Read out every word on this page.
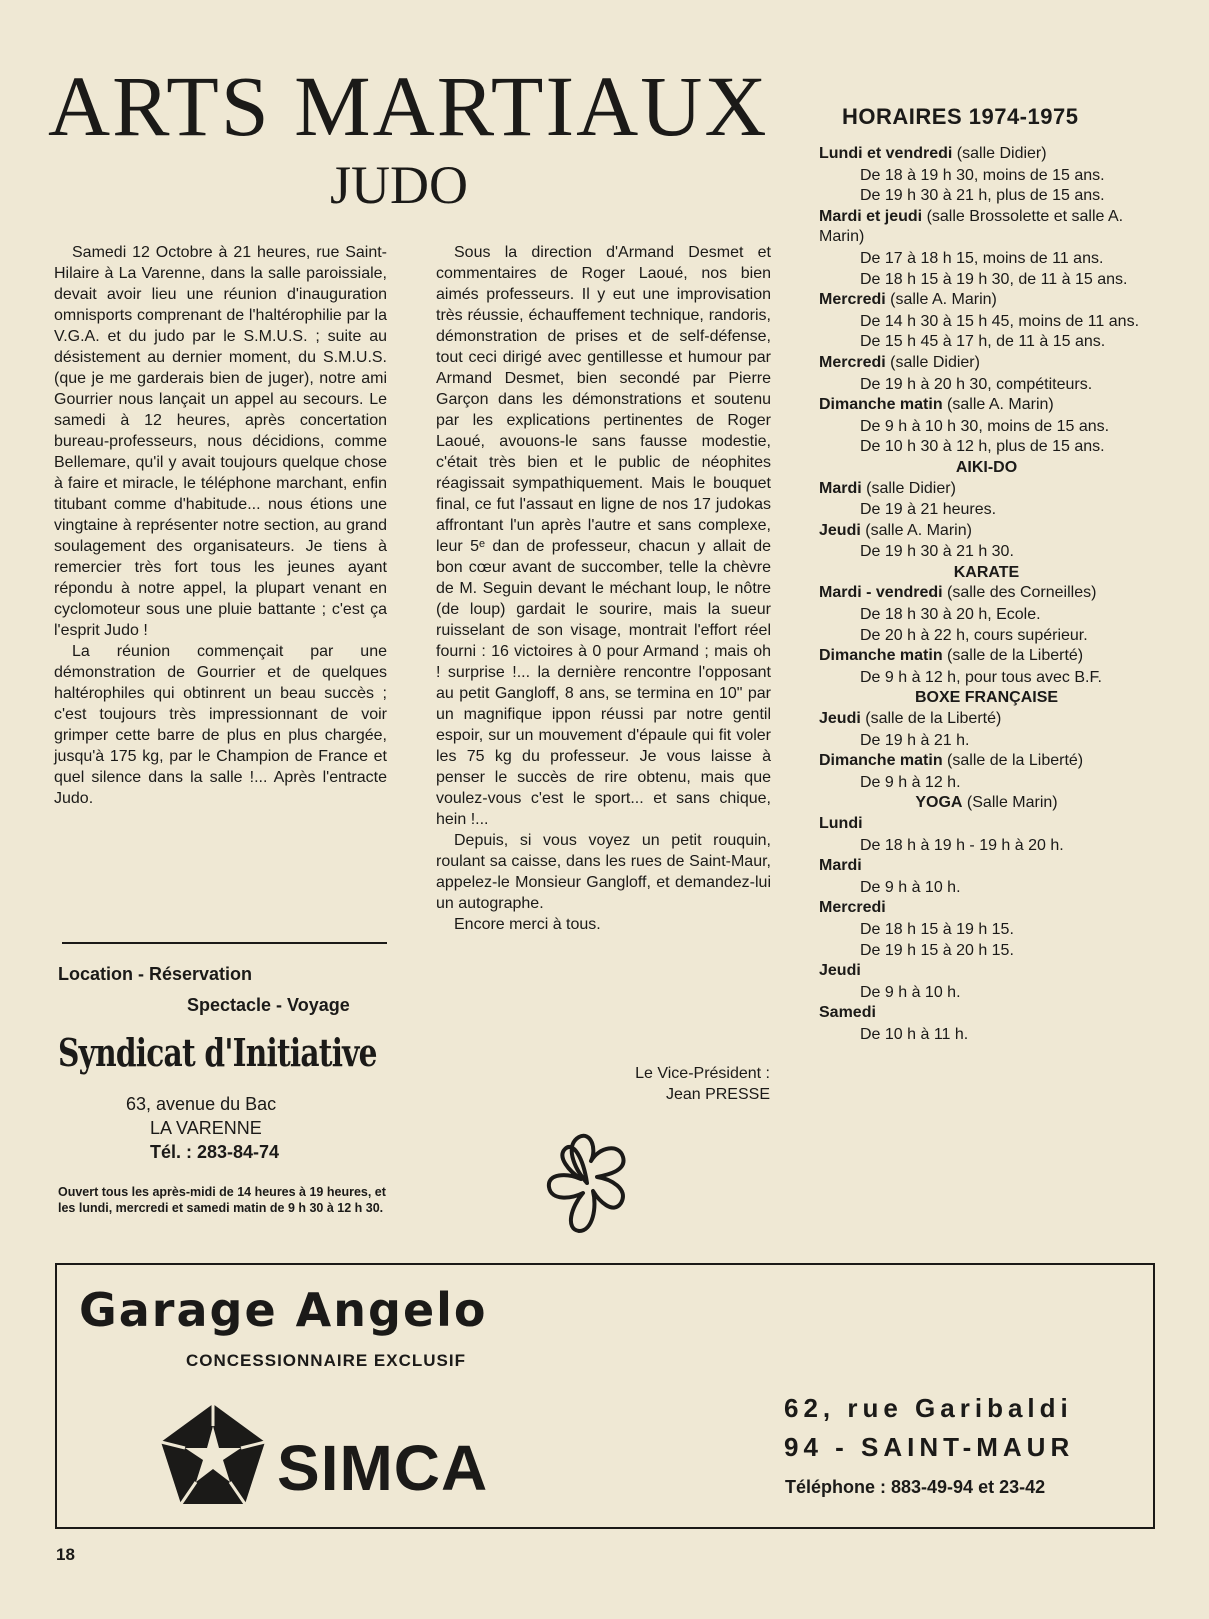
ARTS MARTIAUX
JUDO

Samedi 12 Octobre à 21 heures, rue Saint-Hilaire à La Varenne, dans la salle paroissiale, devait avoir lieu une réunion d'inauguration omnisports comprenant de l'haltérophilie par la V.G.A. et du judo par le S.M.U.S. ; suite au désistement au dernier moment, du S.M.U.S. (que je me garderais bien de juger), notre ami Gourrier nous lançait un appel au secours. Le samedi à 12 heures, après concertation bureau-professeurs, nous décidions, comme Bellemare, qu'il y avait toujours quelque chose à faire et miracle, le téléphone marchant, enfin titubant comme d'habitude... nous étions une vingtaine à représenter notre section, au grand soulagement des organisateurs. Je tiens à remercier très fort tous les jeunes ayant répondu à notre appel, la plupart venant en cyclomoteur sous une pluie battante ; c'est ça l'esprit Judo !

La réunion commençait par une démonstration de Gourrier et de quelques haltérophiles qui obtinrent un beau succès ; c'est toujours très impressionnant de voir grimper cette barre de plus en plus chargée, jusqu'à 175 kg, par le Champion de France et quel silence dans la salle !... Après l'entracte Judo.

Sous la direction d'Armand Desmet et commentaires de Roger Laoué, nos bien aimés professeurs. Il y eut une improvisation très réussie, échauffement technique, randoris, démonstration de prises et de self-défense, tout ceci dirigé avec gentillesse et humour par Armand Desmet, bien secondé par Pierre Garçon dans les démonstrations et soutenu par les explications pertinentes de Roger Laoué, avouons-le sans fausse modestie, c'était très bien et le public de néophites réagissait sympathiquement. Mais le bouquet final, ce fut l'assaut en ligne de nos 17 judokas affrontant l'un après l'autre et sans complexe, leur 5ᵉ dan de professeur, chacun y allait de bon cœur avant de succomber, telle la chèvre de M. Seguin devant le méchant loup, le nôtre (de loup) gardait le sourire, mais la sueur ruisselant de son visage, montrait l'effort réel fourni : 16 victoires à 0 pour Armand ; mais oh ! surprise !... la dernière rencontre l'opposant au petit Gangloff, 8 ans, se termina en 10" par un magnifique ippon réussi par notre gentil espoir, sur un mouvement d'épaule qui fit voler les 75 kg du professeur. Je vous laisse à penser le succès de rire obtenu, mais que voulez-vous c'est le sport... et sans chique, hein !...

Depuis, si vous voyez un petit rouquin, roulant sa caisse, dans les rues de Saint-Maur, appelez-le Monsieur Gangloff, et demandez-lui un autographe.

Encore merci à tous.

Le Vice-Président :
Jean PRESSE
Location - Réservation
Spectacle - Voyage
Syndicat d'Initiative
63, avenue du Bac
LA VARENNE
Tél. : 283-84-74
Ouvert tous les après-midi de 14 heures à 19 heures, et les lundi, mercredi et samedi matin de 9 h 30 à 12 h 30.
HORAIRES 1974-1975
Lundi et vendredi (salle Didier)
De 18 à 19 h 30, moins de 15 ans.
De 19 h 30 à 21 h, plus de 15 ans.
Mardi et jeudi (salle Brossolette et salle A. Marin)
De 17 à 18 h 15, moins de 11 ans.
De 18 h 15 à 19 h 30, de 11 à 15 ans.
Mercredi (salle A. Marin)
De 14 h 30 à 15 h 45, moins de 11 ans.
De 15 h 45 à 17 h, de 11 à 15 ans.
Mercredi (salle Didier)
De 19 h à 20 h 30, compétiteurs.
Dimanche matin (salle A. Marin)
De 9 h à 10 h 30, moins de 15 ans.
De 10 h 30 à 12 h, plus de 15 ans.
AIKI-DO
Mardi (salle Didier)
De 19 à 21 heures.
Jeudi (salle A. Marin)
De 19 h 30 à 21 h 30.
KARATE
Mardi - vendredi (salle des Corneilles)
De 18 h 30 à 20 h, Ecole.
De 20 h à 22 h, cours supérieur.
Dimanche matin (salle de la Liberté)
De 9 h à 12 h, pour tous avec B.F.
BOXE FRANÇAISE
Jeudi (salle de la Liberté)
De 19 h à 21 h.
Dimanche matin (salle de la Liberté)
De 9 h à 12 h.
YOGA (Salle Marin)
Lundi
De 18 h à 19 h - 19 h à 20 h.
Mardi
De 9 h à 10 h.
Mercredi
De 18 h 15 à 19 h 15.
De 19 h 15 à 20 h 15.
Jeudi
De 9 h à 10 h.
Samedi
De 10 h à 11 h.
Garage Angelo
CONCESSIONNAIRE EXCLUSIF
SIMCA
62, rue Garibaldi
94 - SAINT-MAUR
Téléphone : 883-49-94 et 23-42
18
